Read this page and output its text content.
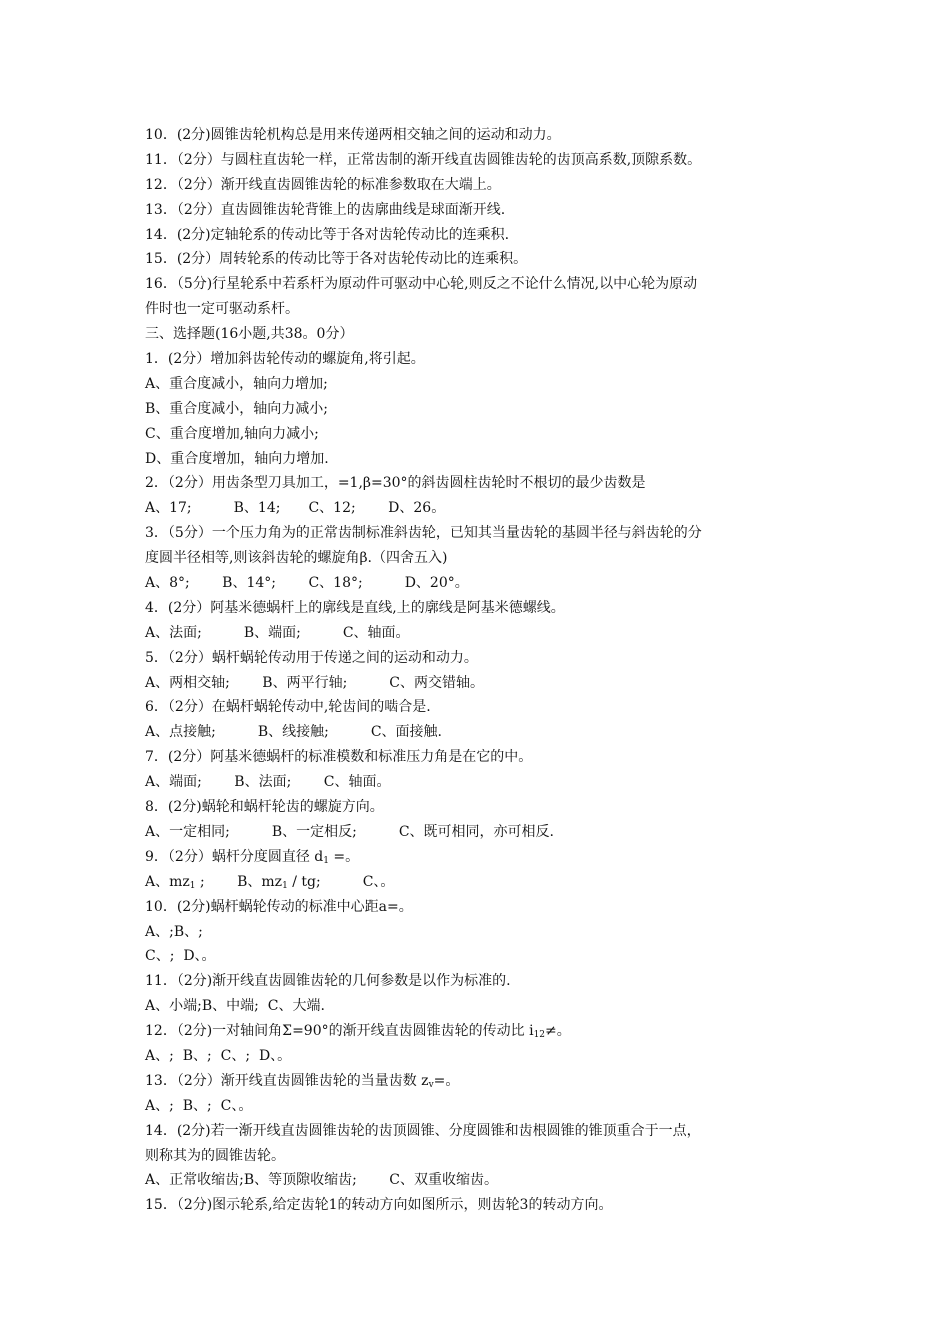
10．(2分)圆锥齿轮机构总是用来传递两相交轴之间的运动和动力。
11．（2分）与圆柱直齿轮一样，正常齿制的渐开线直齿圆锥齿轮的齿顶高系数,顶隙系数。
12．（2分）渐开线直齿圆锥齿轮的标准参数取在大端上。
13．（2分）直齿圆锥齿轮背锥上的齿廓曲线是球面渐开线.
14．(2分)定轴轮系的传动比等于各对齿轮传动比的连乘积.
15．(2分）周转轮系的传动比等于各对齿轮传动比的连乘积。
16．（5分)行星轮系中若系杆为原动件可驱动中心轮,则反之不论什么情况,以中心轮为原动
件时也一定可驱动系杆。
三、选择题(16小题,共38。0分）
1．(2分）增加斜齿轮传动的螺旋角,将引起。
A、重合度减小，轴向力增加;
B、重合度减小，轴向力减小;
C、重合度增加,轴向力减小;
D、重合度增加，轴向力增加.
2．（2分）用齿条型刀具加工，=1,β=30°的斜齿圆柱齿轮时不根切的最少齿数是
A、17;　　　B、14;　　C、12;　　 D、26。
3．（5分）一个压力角为的正常齿制标准斜齿轮，已知其当量齿轮的基圆半径与斜齿轮的分
度圆半径相等,则该斜齿轮的螺旋角β.（四舍五入)
A、8°;　　 B、14°;　　 C、18°;　　　D、20°。
4．(2分）阿基米德蜗杆上的廓线是直线,上的廓线是阿基米德螺线。
A、法面;　　　B、端面;　　　C、轴面。
5．（2分）蜗杆蜗轮传动用于传递之间的运动和动力。
A、两相交轴;　　 B、两平行轴;　　　C、两交错轴。
6．（2分）在蜗杆蜗轮传动中,轮齿间的啮合是.
A、点接触;　　　B、线接触;　　　C、面接触.
7．(2分）阿基米德蜗杆的标准模数和标准压力角是在它的中。
A、端面;　　 B、法面;　　 C、轴面。
8．(2分)蜗轮和蜗杆轮齿的螺旋方向。
A、一定相同;　　　B、一定相反;　　　C、既可相同，亦可相反.
9．（2分）蜗杆分度圆直径 $d_1$ =。
A、$mz_1$ ;　　 B、$mz_1$ / tg;　　　C、。
10．(2分)蜗杆蜗轮传动的标准中心距a=。
A、;B、;
C、;  D、。
11．（2分)渐开线直齿圆锥齿轮的几何参数是以作为标准的.
A、小端;B、中端;  C、大端.
12．（2分)一对轴间角Σ=90°的渐开线直齿圆锥齿轮的传动比 $i_{12}\ne$。
A、;  B、;  C、;  D、。
13．（2分）渐开线直齿圆锥齿轮的当量齿数 $z_v=$。
A、;  B、;  C、。
14．(2分)若一渐开线直齿圆锥齿轮的齿顶圆锥、分度圆锥和齿根圆锥的锥顶重合于一点，
则称其为的圆锥齿轮。
A、正常收缩齿;B、等顶隙收缩齿;　　 C、双重收缩齿。
15．（2分)图示轮系,给定齿轮1的转动方向如图所示，则齿轮3的转动方向。
